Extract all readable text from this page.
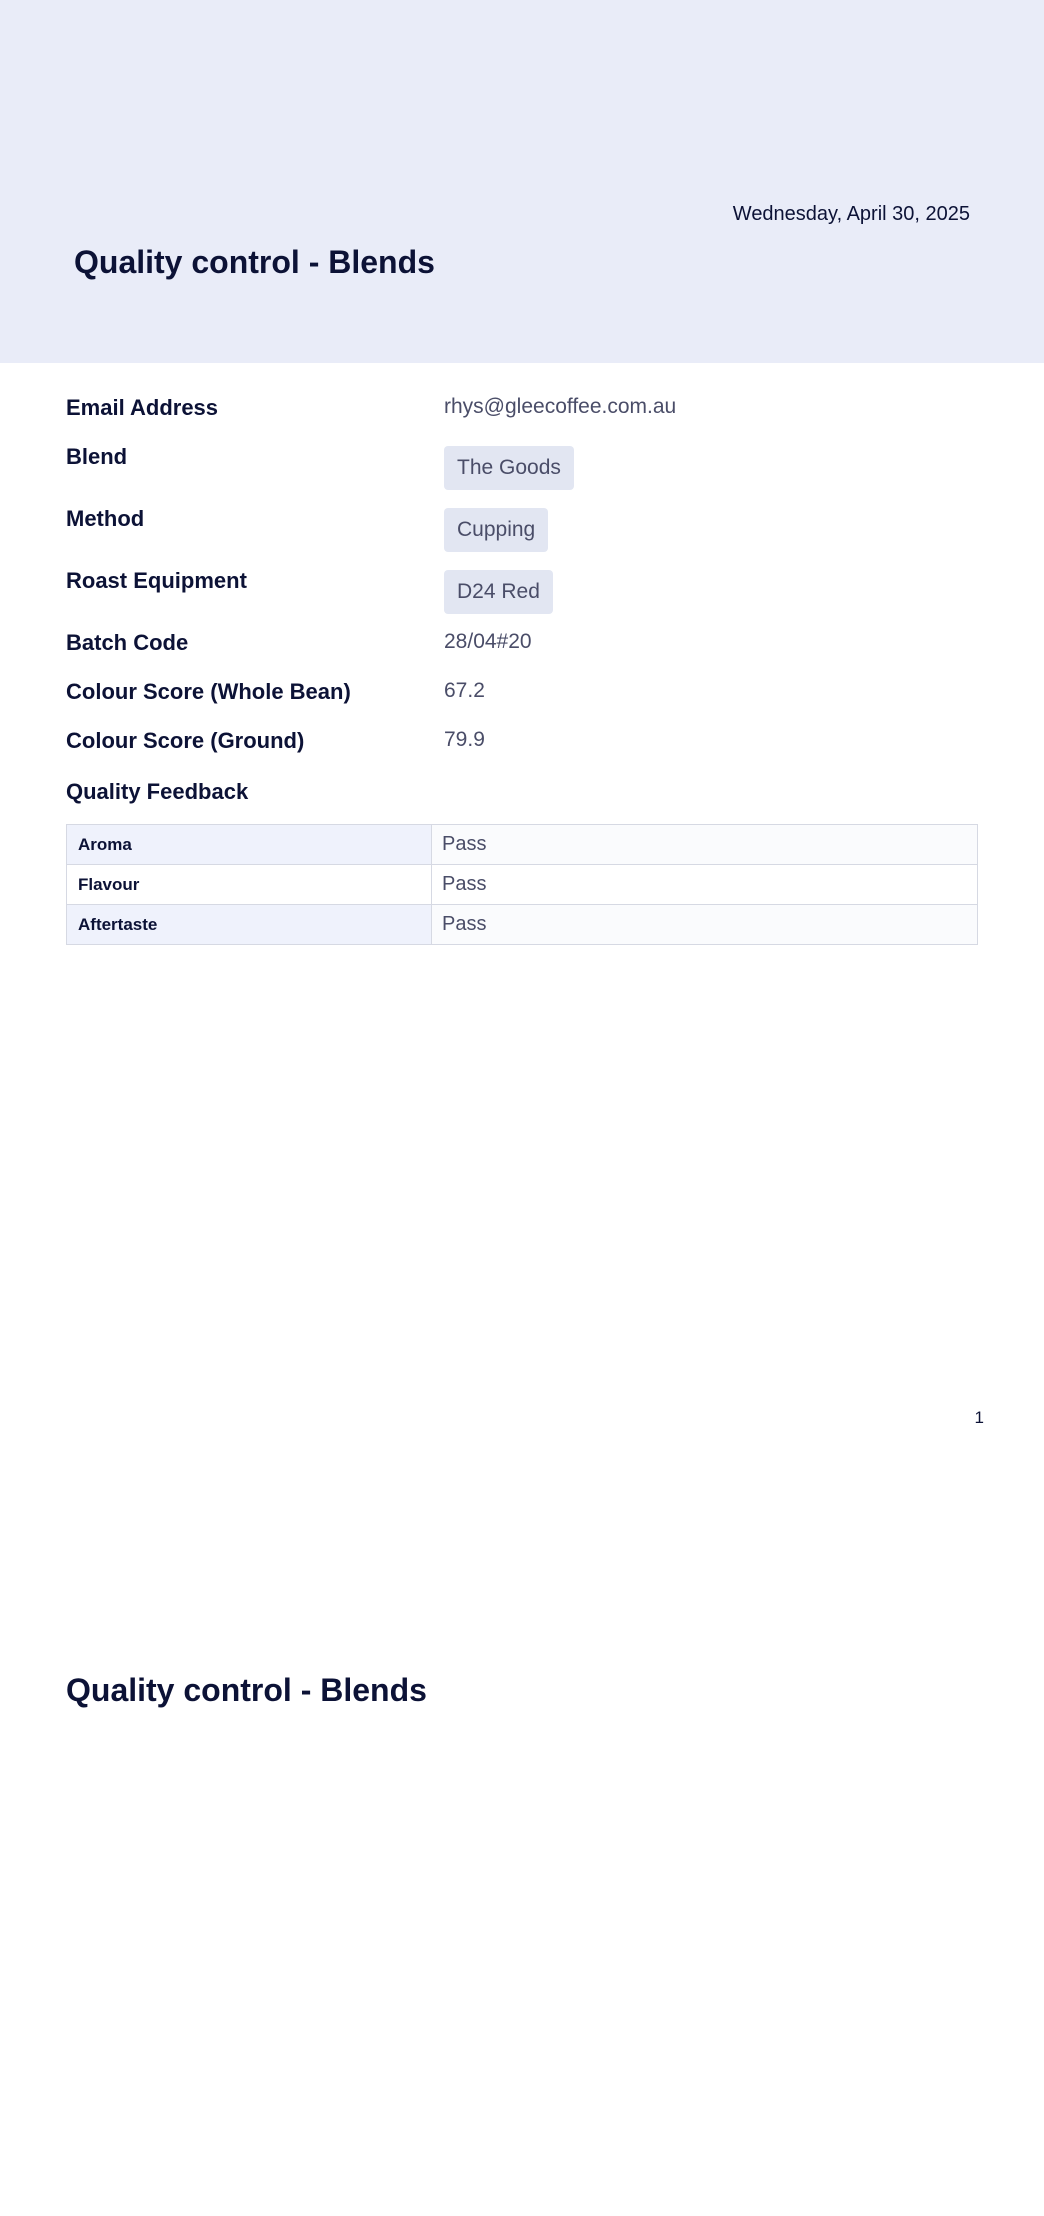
Wednesday, April 30, 2025
Quality control - Blends
Email Address	rhys@gleecoffee.com.au
Blend	The Goods
Method	Cupping
Roast Equipment	D24 Red
Batch Code	28/04#20
Colour Score (Whole Bean)	67.2
Colour Score (Ground)	79.9
Quality Feedback
Aroma	Pass
Flavour	Pass
Aftertaste	Pass
1
Quality control - Blends
